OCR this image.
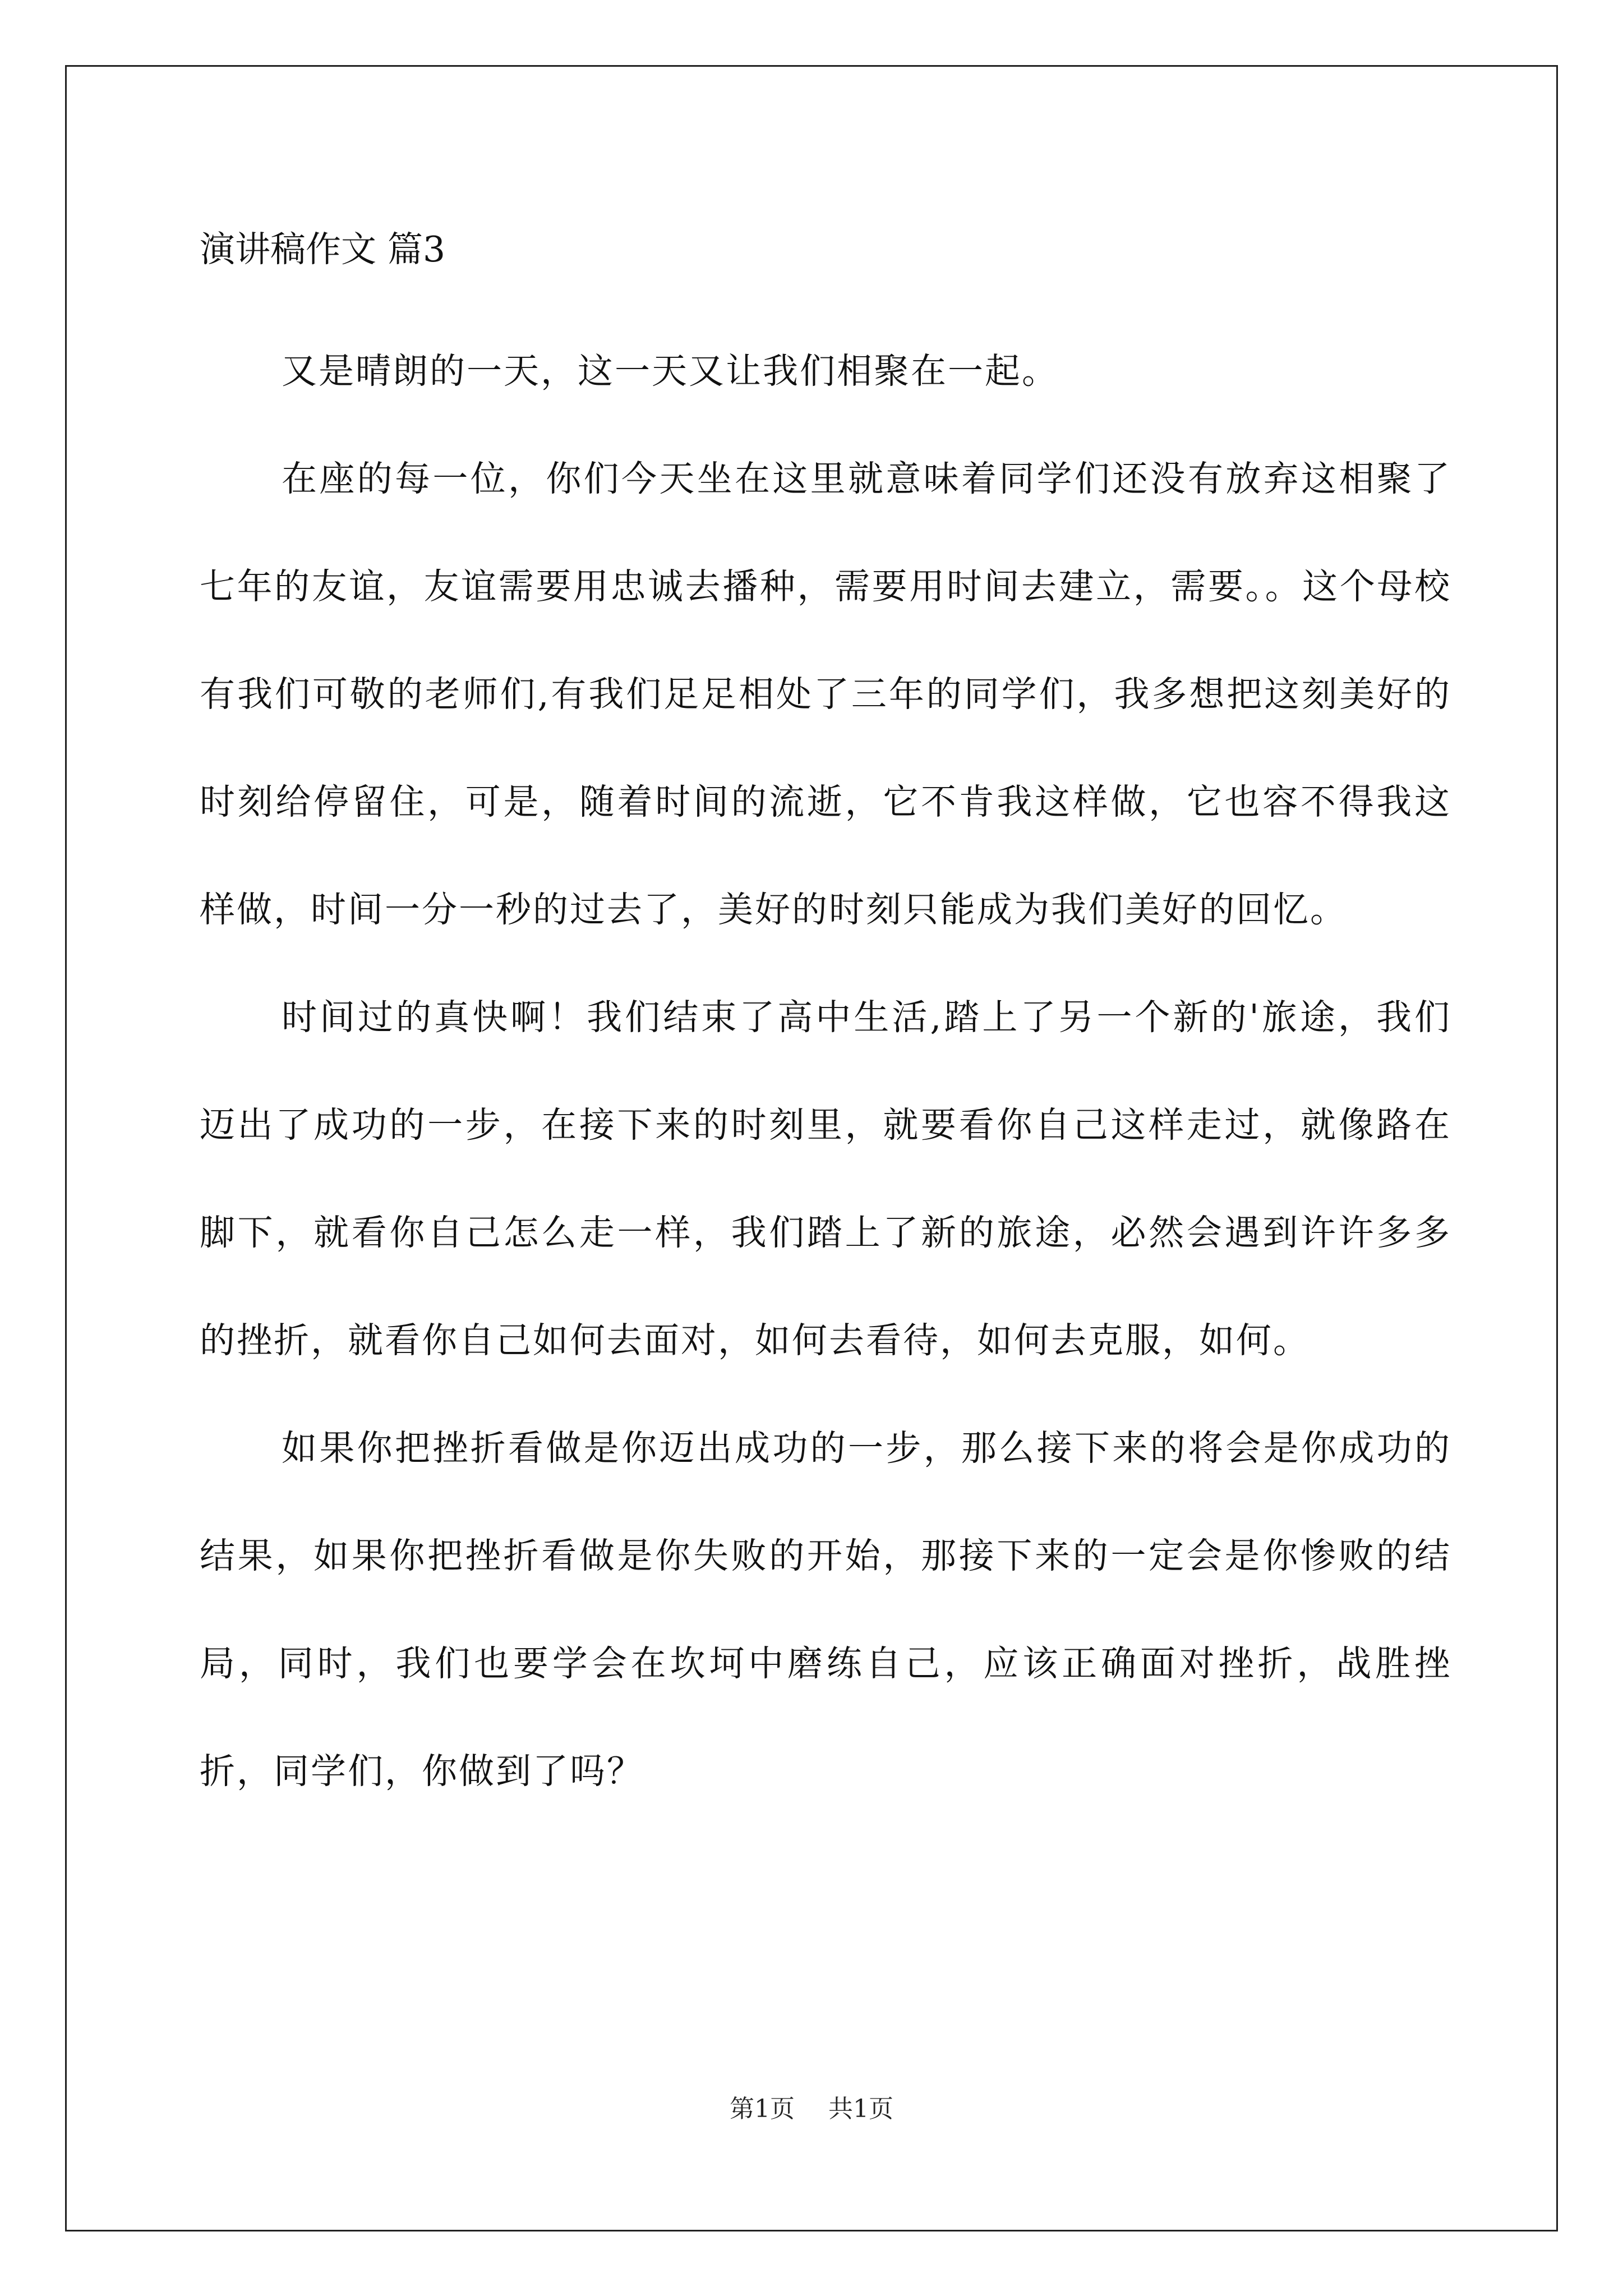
演讲稿作文 篇3

又是晴朗的一天，这一天又让我们相聚在一起。

在座的每一位，你们今天坐在这里就意味着同学们还没有放弃这相聚了七年的友谊，友谊需要用忠诚去播种，需要用时间去建立，需要。。这个母校有我们可敬的老师们,有我们足足相处了三年的同学们，我多想把这刻美好的时刻给停留住，可是，随着时间的流逝，它不肯我这样做，它也容不得我这样做，时间一分一秒的过去了，美好的时刻只能成为我们美好的回忆。

时间过的真快啊！我们结束了高中生活,踏上了另一个新的'旅途，我们迈出了成功的一步，在接下来的时刻里，就要看你自己这样走过，就像路在脚下，就看你自己怎么走一样，我们踏上了新的旅途，必然会遇到许许多多的挫折，就看你自己如何去面对，如何去看待，如何去克服，如何。

如果你把挫折看做是你迈出成功的一步，那么接下来的将会是你成功的结果，如果你把挫折看做是你失败的开始，那接下来的一定会是你惨败的结局，同时，我们也要学会在坎坷中磨练自己，应该正确面对挫折，战胜挫折，同学们，你做到了吗？

第1页 共1页
